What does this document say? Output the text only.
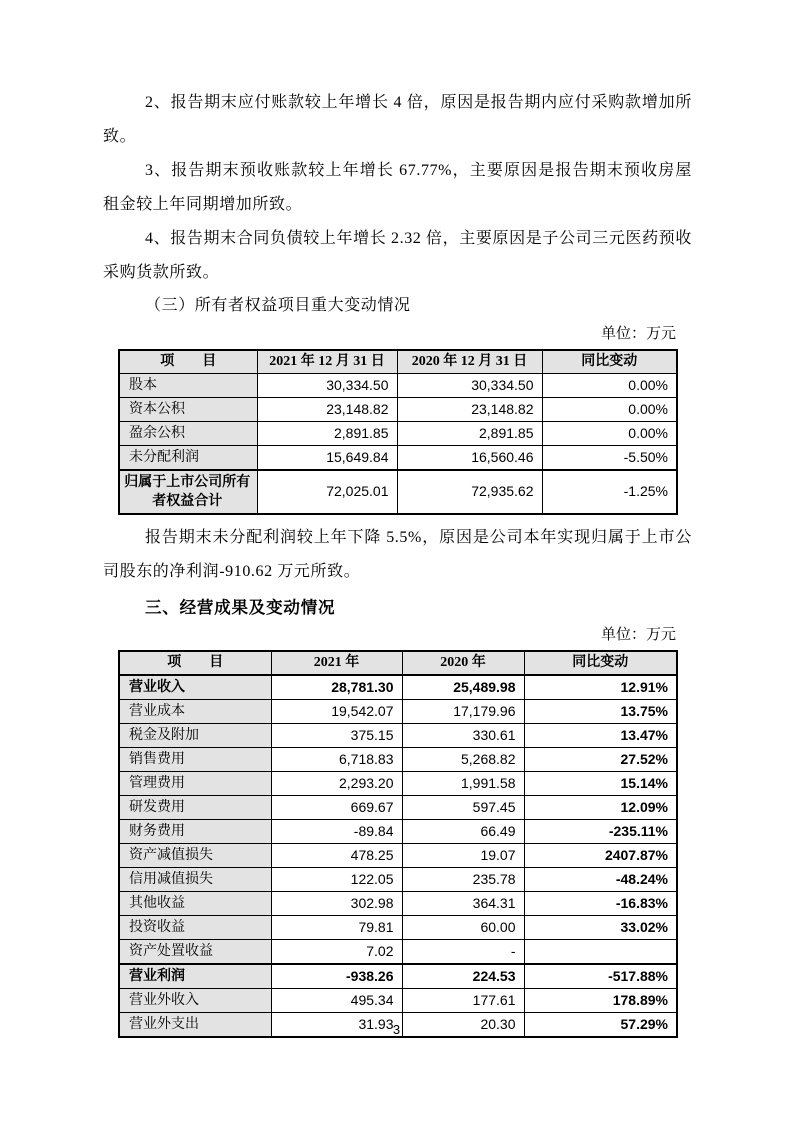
2、报告期末应付账款较上年增长 4 倍，原因是报告期内应付采购款增加所致。

3、报告期末预收账款较上年增长 67.77%，主要原因是报告期末预收房屋租金较上年同期增加所致。

4、报告期末合同负债较上年增长 2.32 倍，主要原因是子公司三元医药预收采购货款所致。

（三）所有者权益项目重大变动情况

单位：万元
项　　目	2021 年 12 月 31 日	2020 年 12 月 31 日	同比变动
股本	30,334.50	30,334.50	0.00%
资本公积	23,148.82	23,148.82	0.00%
盈余公积	2,891.85	2,891.85	0.00%
未分配利润	15,649.84	16,560.46	-5.50%
归属于上市公司所有者权益合计	72,025.01	72,935.62	-1.25%

报告期末未分配利润较上年下降 5.5%，原因是公司本年实现归属于上市公司股东的净利润-910.62 万元所致。

三、经营成果及变动情况

单位：万元
项　　目	2021 年	2020 年	同比变动
营业收入	28,781.30	25,489.98	12.91%
营业成本	19,542.07	17,179.96	13.75%
税金及附加	375.15	330.61	13.47%
销售费用	6,718.83	5,268.82	27.52%
管理费用	2,293.20	1,991.58	15.14%
研发费用	669.67	597.45	12.09%
财务费用	-89.84	66.49	-235.11%
资产减值损失	478.25	19.07	2407.87%
信用减值损失	122.05	235.78	-48.24%
其他收益	302.98	364.31	-16.83%
投资收益	79.81	60.00	33.02%
资产处置收益	7.02	-	
营业利润	-938.26	224.53	-517.88%
营业外收入	495.34	177.61	178.89%
营业外支出	31.93	20.30	57.29%
3
